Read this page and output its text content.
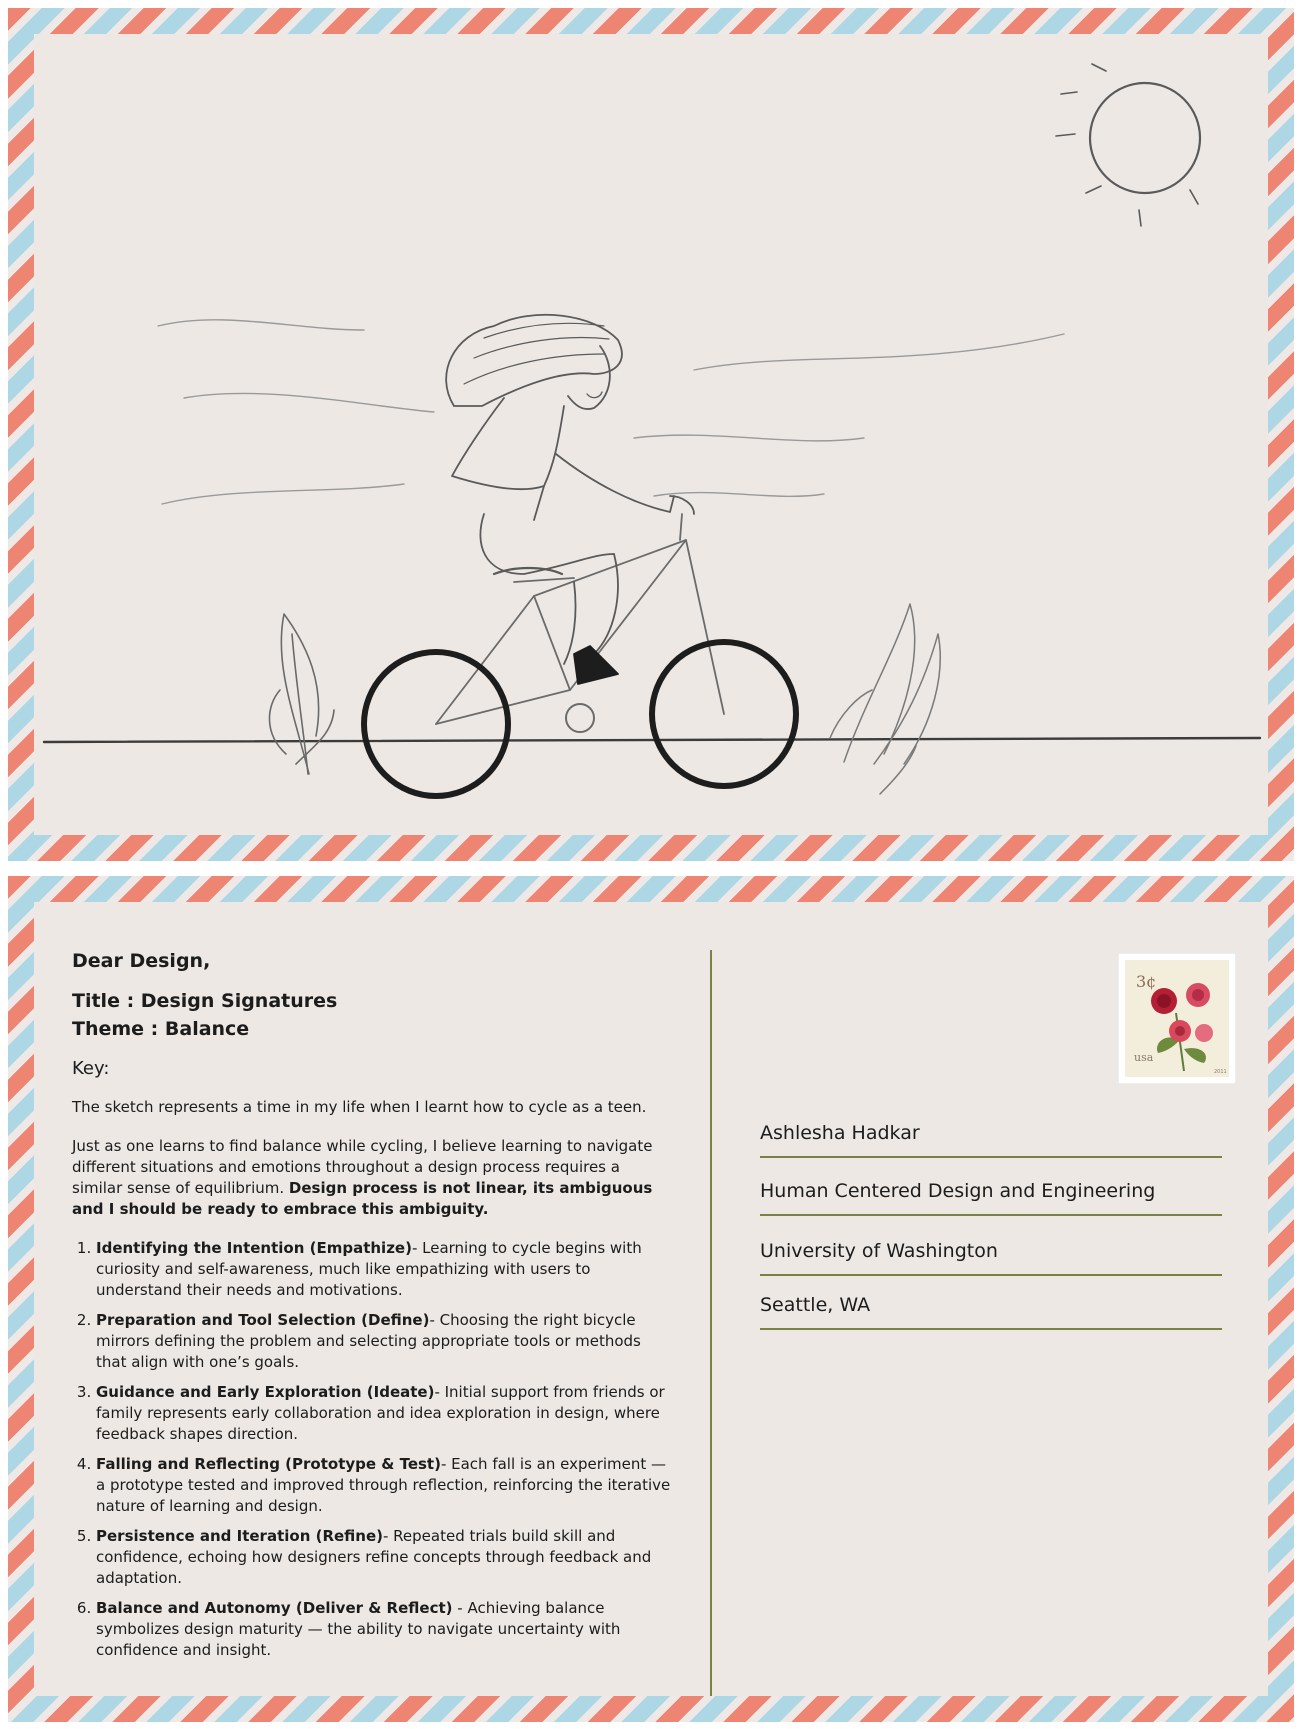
Dear Design,
Title : Design Signatures
Theme : Balance
Key:

The sketch represents a time in my life when I learnt how to cycle as a teen.

Just as one learns to find balance while cycling, I believe learning to navigate different situations and emotions throughout a design process requires a similar sense of equilibrium. Design process is not linear, its ambiguous and I should be ready to embrace this ambiguity.

1. Identifying the Intention (Empathize)- Learning to cycle begins with curiosity and self-awareness, much like empathizing with users to understand their needs and motivations.
2. Preparation and Tool Selection (Define)- Choosing the right bicycle mirrors defining the problem and selecting appropriate tools or methods that align with one’s goals.
3. Guidance and Early Exploration (Ideate)- Initial support from friends or family represents early collaboration and idea exploration in design, where feedback shapes direction.
4. Falling and Reflecting (Prototype & Test)- Each fall is an experiment — a prototype tested and improved through reflection, reinforcing the iterative nature of learning and design.
5. Persistence and Iteration (Refine)- Repeated trials build skill and confidence, echoing how designers refine concepts through feedback and adaptation.
6. Balance and Autonomy (Deliver & Reflect) - Achieving balance symbolizes design maturity — the ability to navigate uncertainty with confidence and insight.
3¢
usa
2011
Ashlesha Hadkar
Human Centered Design and Engineering
University of Washington
Seattle, WA
